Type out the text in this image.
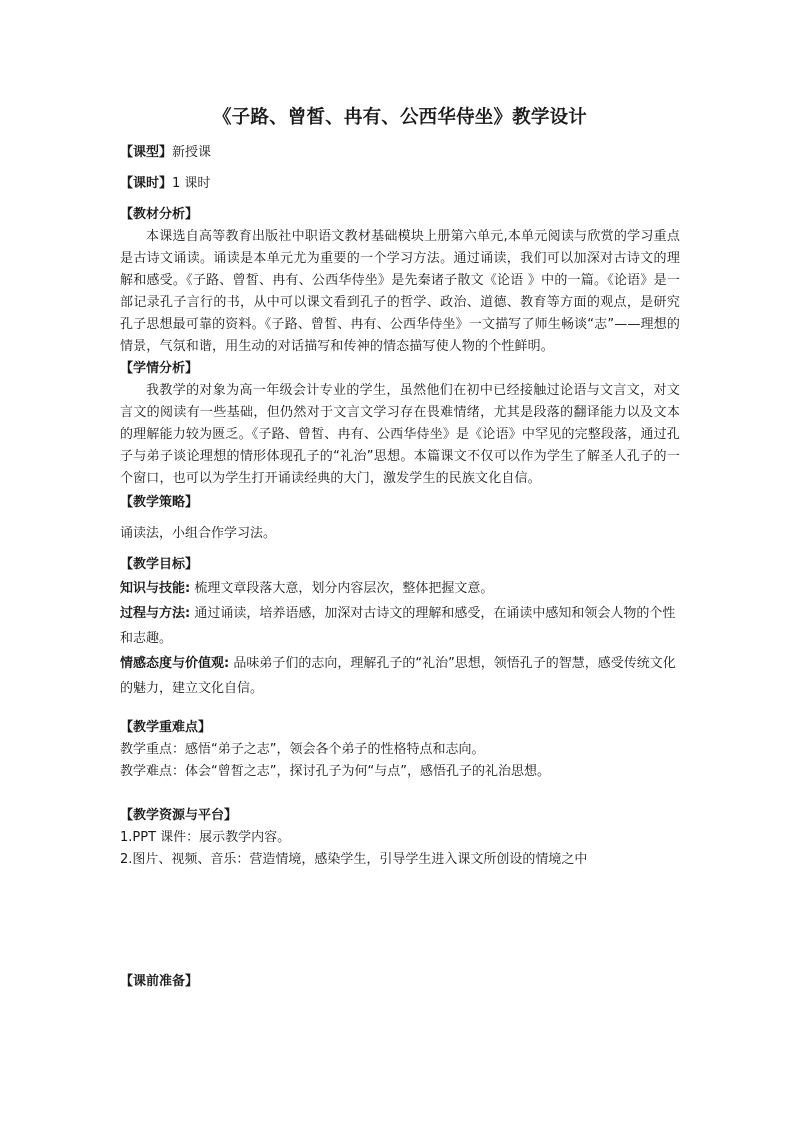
《子路、曾皙、冉有、公西华侍坐》教学设计

【课型】新授课

【课时】1 课时

【教材分析】

本课选自高等教育出版社中职语文教材基础模块上册第六单元,本单元阅读与欣赏的学习重点是古诗文诵读。诵读是本单元尤为重要的一个学习方法。通过诵读，我们可以加深对古诗文的理解和感受。《子路、曾皙、冉有、公西华侍坐》是先秦诸子散文《论语 》中的一篇。《论语》是一部记录孔子言行的书，从中可以课文看到孔子的哲学、政治、道德、教育等方面的观点，是研究孔子思想最可靠的资料。《子路、曾皙、冉有、公西华侍坐》一文描写了师生畅谈“志”——理想的情景，气氛和谐，用生动的对话描写和传神的情态描写使人物的个性鲜明。

【学情分析】

我教学的对象为高一年级会计专业的学生，虽然他们在初中已经接触过论语与文言文，对文言文的阅读有一些基础，但仍然对于文言文学习存在畏难情绪，尤其是段落的翻译能力以及文本的理解能力较为匮乏。《子路、曾皙、冉有、公西华侍坐》是《论语》中罕见的完整段落，通过孔子与弟子谈论理想的情形体现孔子的“礼治”思想。本篇课文不仅可以作为学生了解圣人孔子的一个窗口，也可以为学生打开诵读经典的大门，激发学生的民族文化自信。

【教学策略】

诵读法，小组合作学习法。

【教学目标】

知识与技能: 梳理文章段落大意，划分内容层次，整体把握文意。

过程与方法: 通过诵读，培养语感，加深对古诗文的理解和感受，在诵读中感知和领会人物的个性和志趣。

情感态度与价值观: 品味弟子们的志向，理解孔子的“礼治”思想，领悟孔子的智慧，感受传统文化的魅力，建立文化自信。

【教学重难点】

教学重点：感悟“弟子之志”，领会各个弟子的性格特点和志向。

教学难点：体会“曾皙之志”，探讨孔子为何“与点”，感悟孔子的礼治思想。

【教学资源与平台】

1.PPT 课件：展示教学内容。

2.图片、视频、音乐：营造情境，感染学生，引导学生进入课文所创设的情境之中

【课前准备】
